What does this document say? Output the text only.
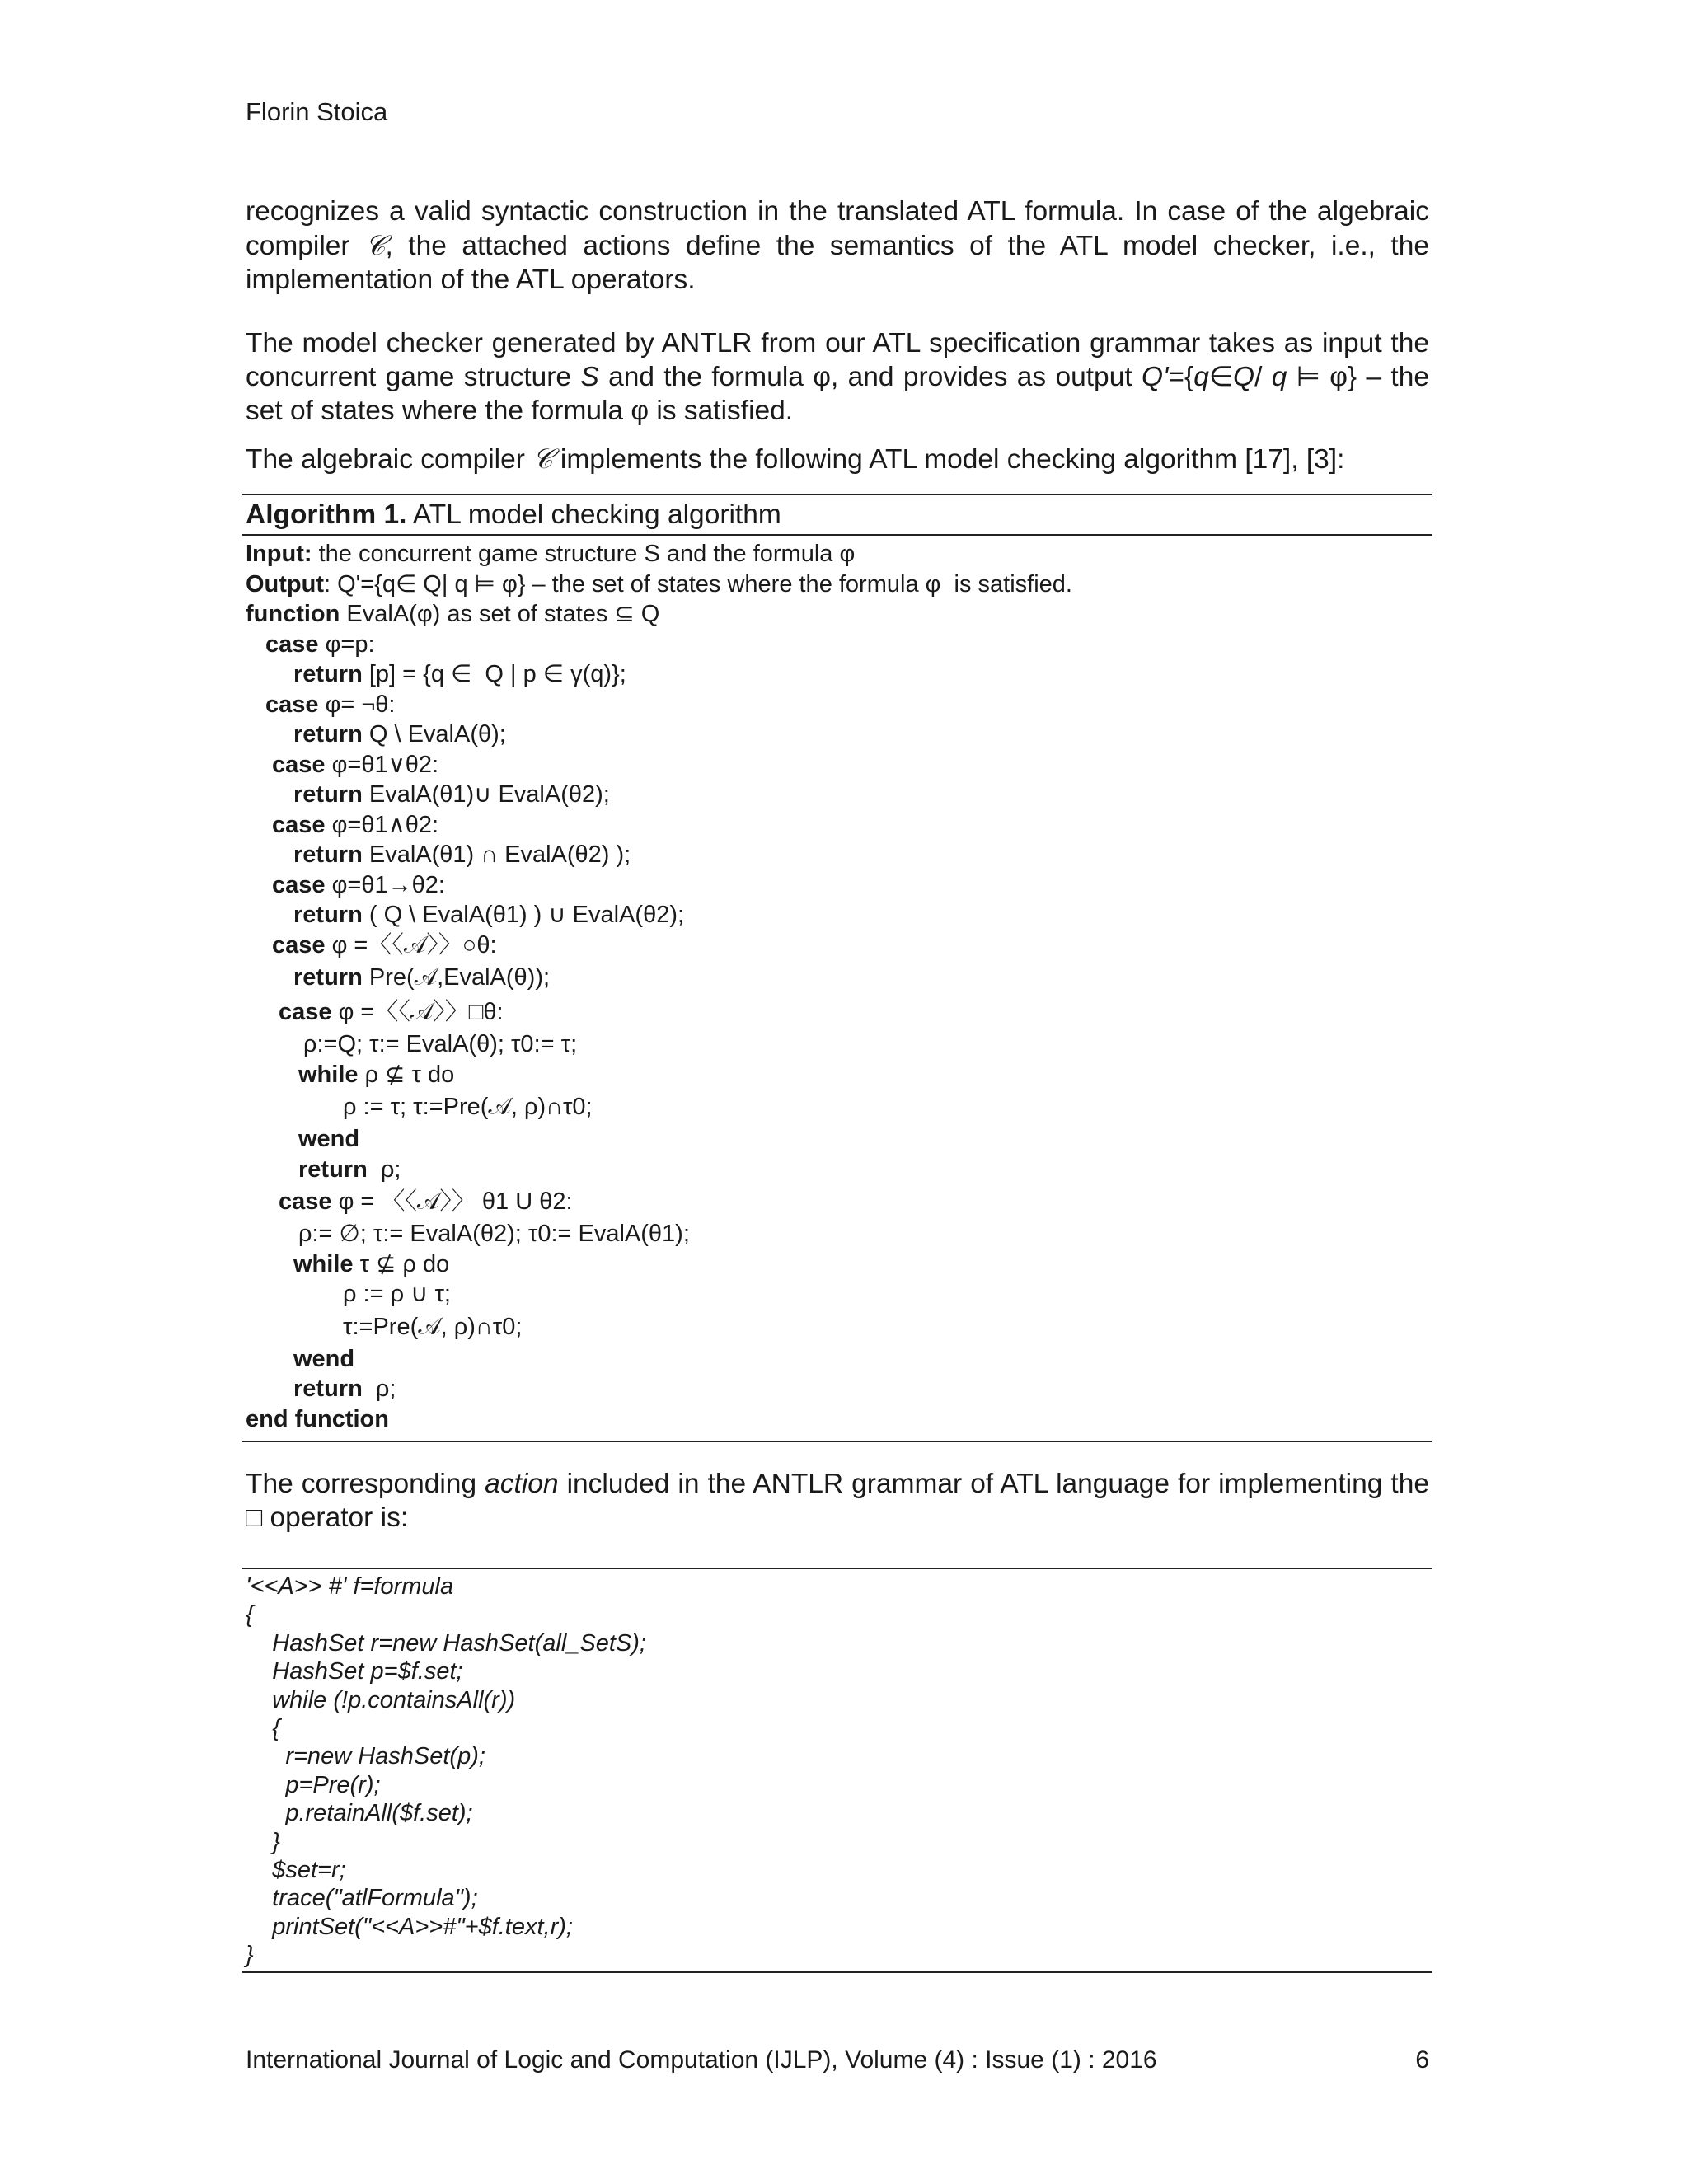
Florin Stoica

recognizes a valid syntactic construction in the translated ATL formula. In case of the algebraic compiler 𝒞, the attached actions define the semantics of the ATL model checker, i.e., the implementation of the ATL operators.

The model checker generated by ANTLR from our ATL specification grammar takes as input the concurrent game structure S and the formula φ, and provides as output Q'={q∈Q/ q ⊨ φ} – the set of states where the formula φ is satisfied.

The algebraic compiler 𝒞 implements the following ATL model checking algorithm [17], [3]:

Algorithm 1. ATL model checking algorithm
Input: the concurrent game structure S and the formula φ
Output: Q'={q∈ Q| q ⊨ φ} – the set of states where the formula φ  is satisfied.
function EvalA(φ) as set of states ⊆ Q
case φ=p:
return [p] = {q ∈  Q | p ∈ γ(q)};
case φ= ¬θ:
return Q \ EvalA(θ);
case φ=θ1∨θ2:
return EvalA(θ1)∪ EvalA(θ2);
case φ=θ1∧θ2:
return EvalA(θ1) ∩ EvalA(θ2) );
case φ=θ1→θ2:
return ( Q \ EvalA(θ1) ) ∪ EvalA(θ2);
case φ =〈〈𝒜〉〉○θ:
return Pre(𝒜,EvalA(θ));
case φ =〈〈𝒜〉〉□θ:
ρ:=Q; τ:= EvalA(θ); τ0:= τ;
while ρ ⊈ τ do
ρ := τ; τ:=Pre(𝒜, ρ)∩τ0;
wend
return  ρ;
case φ = 〈〈𝒜〉〉 θ1 U θ2:
ρ:= ∅; τ:= EvalA(θ2); τ0:= EvalA(θ1);
while τ ⊈ ρ do
ρ := ρ ∪ τ;
τ:=Pre(𝒜, ρ)∩τ0;
wend
return  ρ;
end function

The corresponding action included in the ANTLR grammar of ATL language for implementing the □ operator is:

'<<A>> #' f=formula
{
HashSet r=new HashSet(all_SetS);
HashSet p=$f.set;
while (!p.containsAll(r))
{
r=new HashSet(p);
p=Pre(r);
p.retainAll($f.set);
}
$set=r;
trace("atlFormula");
printSet("<<A>>#"+$f.text,r);
}
International Journal of Logic and Computation (IJLP), Volume (4) : Issue (1) : 2016	6
